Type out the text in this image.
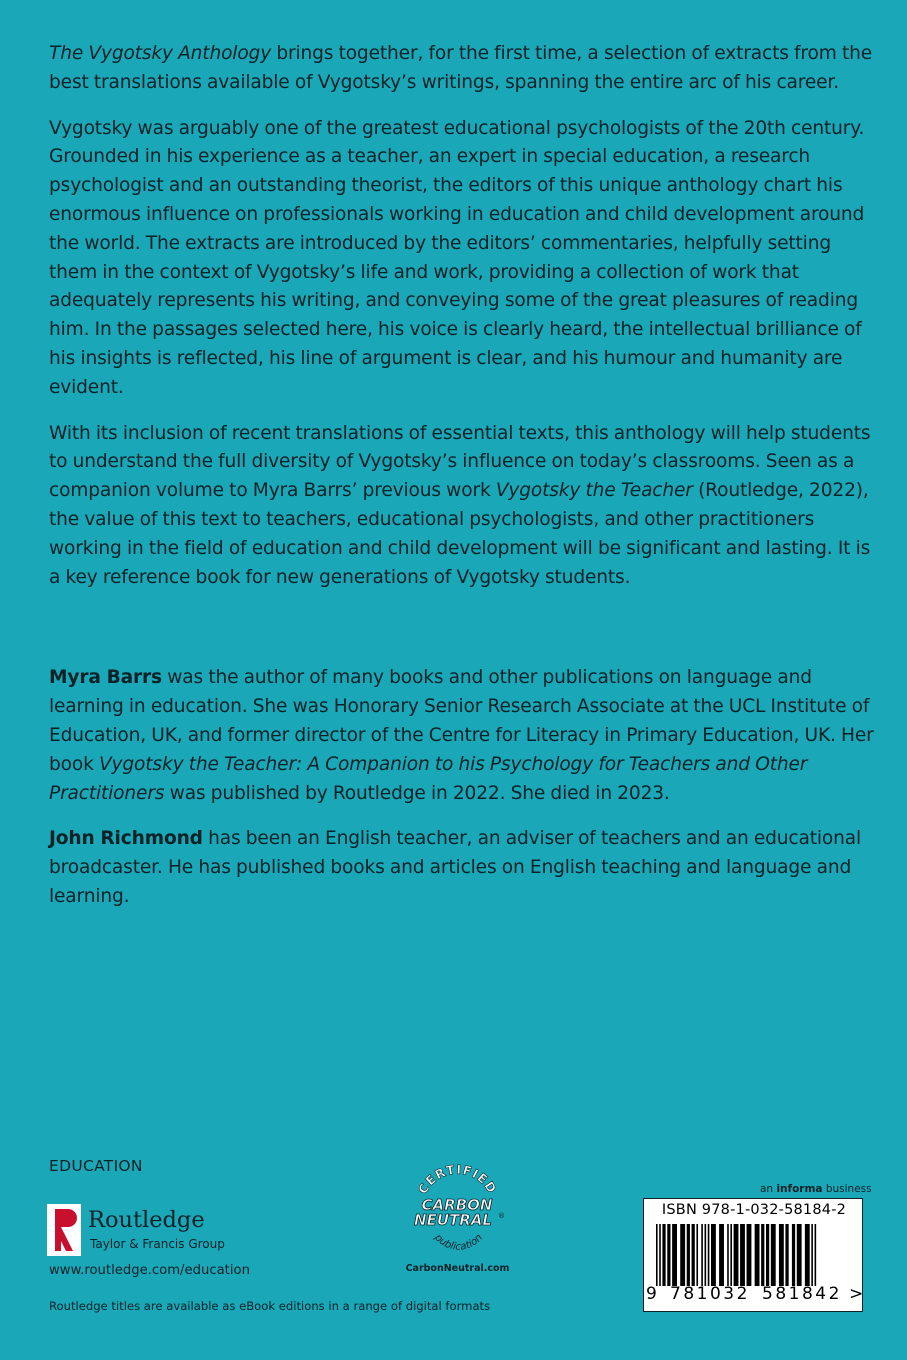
The Vygotsky Anthology brings together, for the first time, a selection of extracts from the best translations available of Vygotsky’s writings, spanning the entire arc of his career.

Vygotsky was arguably one of the greatest educational psychologists of the 20th century. Grounded in his experience as a teacher, an expert in special education, a research psychologist and an outstanding theorist, the editors of this unique anthology chart his enormous influence on professionals working in education and child development around the world. The extracts are introduced by the editors’ commentaries, helpfully setting them in the context of Vygotsky’s life and work, providing a collection of work that adequately represents his writing, and conveying some of the great pleasures of reading him. In the passages selected here, his voice is clearly heard, the intellectual brilliance of his insights is reflected, his line of argument is clear, and his humour and humanity are evident.

With its inclusion of recent translations of essential texts, this anthology will help students to understand the full diversity of Vygotsky’s influence on today’s classrooms. Seen as a companion volume to Myra Barrs’ previous work Vygotsky the Teacher (Routledge, 2022), the value of this text to teachers, educational psychologists, and other practitioners working in the field of education and child development will be significant and lasting. It is a key reference book for new generations of Vygotsky students.

Myra Barrs was the author of many books and other publications on language and learning in education. She was Honorary Senior Research Associate at the UCL Institute of Education, UK, and former director of the Centre for Literacy in Primary Education, UK. Her book Vygotsky the Teacher: A Companion to his Psychology for Teachers and Other Practitioners was published by Routledge in 2022. She died in 2023.

John Richmond has been an English teacher, an adviser of teachers and an educational broadcaster. He has published books and articles on English teaching and language and learning.

EDUCATION
ROUTLEDGE
Routledge
Taylor & Francis Group
www.routledge.com/education
Routledge titles are available as eBook editions in a range of digital formats
CERTIFIED
CARBON
NEUTRAL ®
publication
CarbonNeutral.com
an informa business
ISBN 978-1-032-58184-2
9 781032 581842 >
